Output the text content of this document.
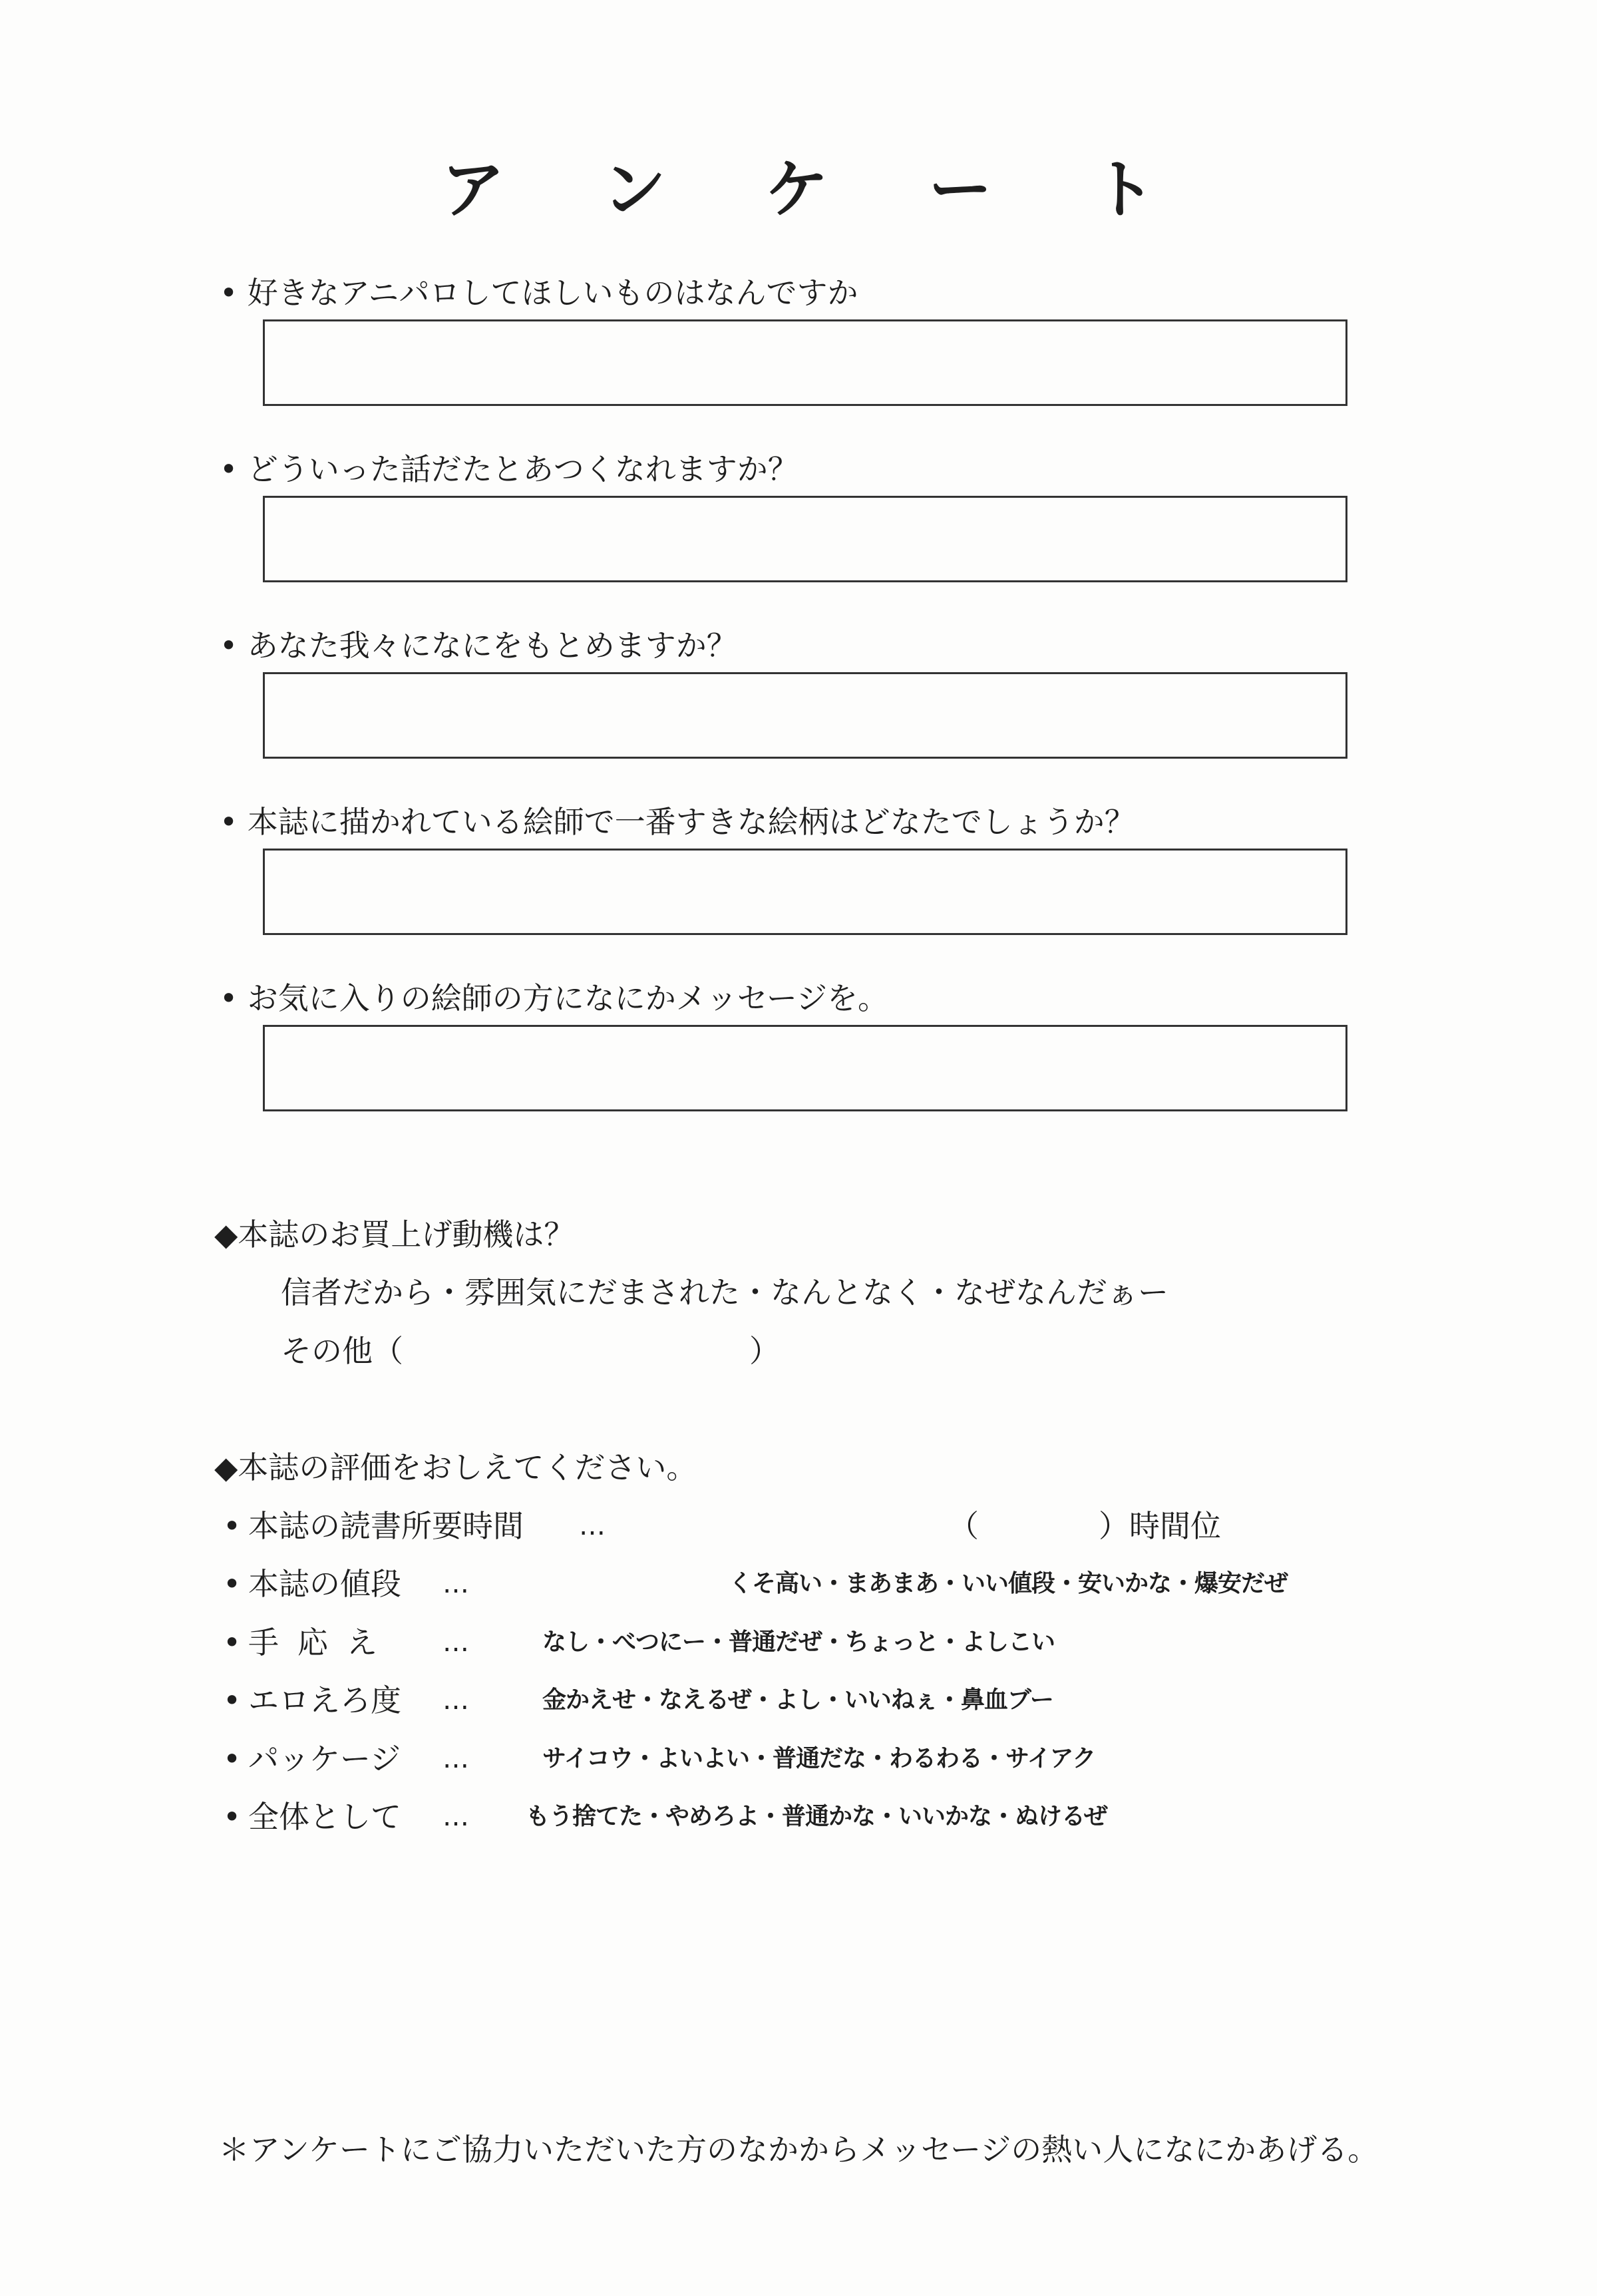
アンケート
• 好きなアニパロしてほしいものはなんですか
• どういった話だたとあつくなれますか？
• あなた我々になにをもとめますか？
• 本誌に描かれている絵師で一番すきな絵柄はどなたでしょうか？
• お気に入りの絵師の方になにかメッセージを。
◆本誌のお買上げ動機は？
信者だから・雰囲気にだまされた・なんとなく・なぜなんだぁー
その他（	）
◆本誌の評価をおしえてください。
• 本誌の読書所要時間 …	（	）時間位
• 本誌の値段 …	くそ高い・まあまあ・いい値段・安いかな・爆安だぜ
• 手応え …	なし・べつにー・普通だぜ・ちょっと・よしこい
• エロえろ度 …	金かえせ・なえるぜ・よし・いいねぇ・鼻血ブー
• パッケージ …	サイコウ・よいよい・普通だな・わるわる・サイアク
• 全体として … もう捨てた・やめろよ・普通かな・いいかな・ぬけるぜ
＊アンケートにご協力いただいた方のなかからメッセージの熱い人になにかあげる。
